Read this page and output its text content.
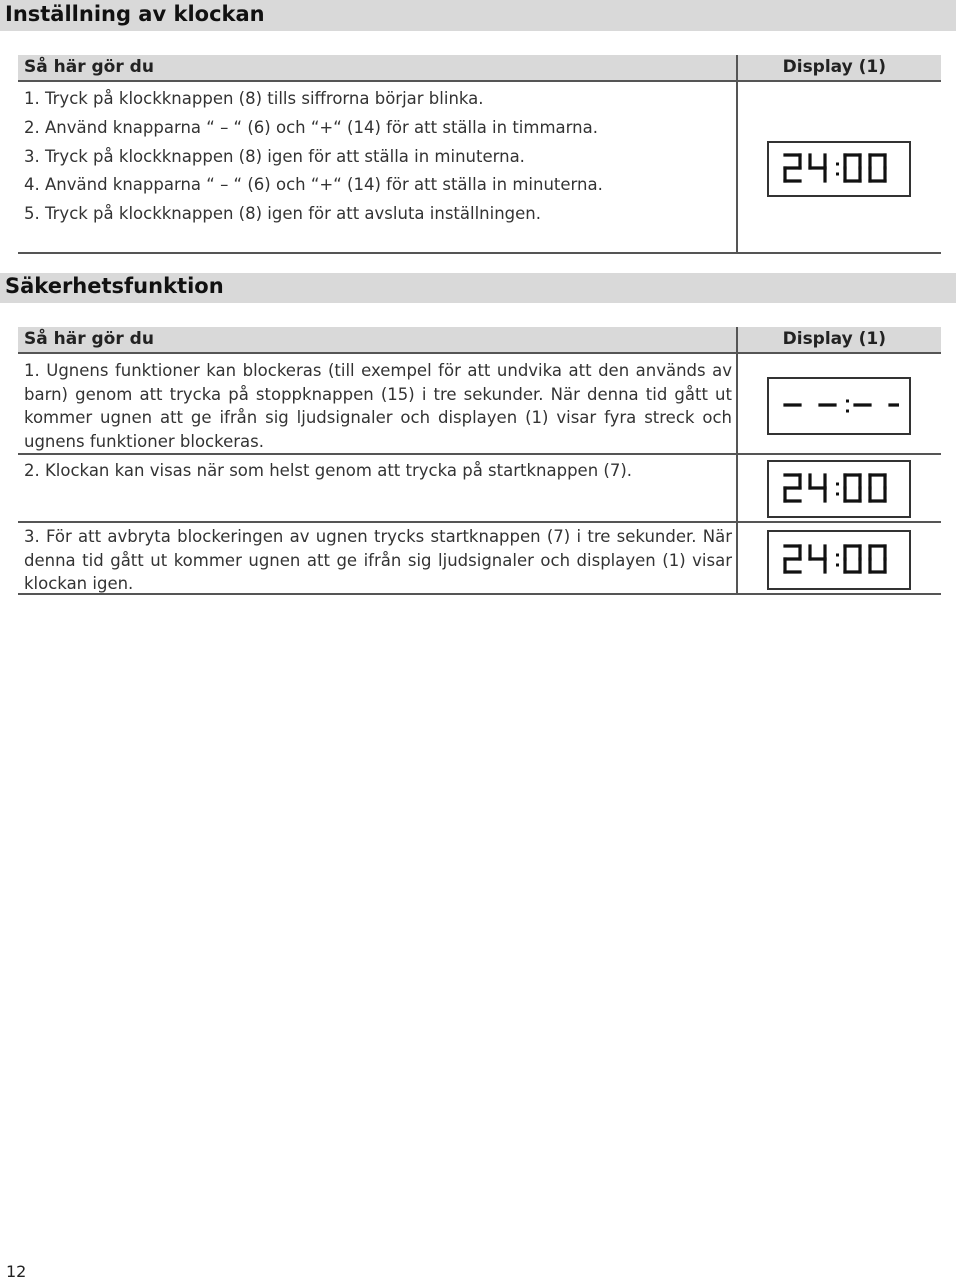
Inställning av klockan
Så här gör du	Display (1)
1. Tryck på klockknappen (8) tills siffrorna börjar blinka.
2. Använd knapparna “ – “ (6) och “+“ (14) för att ställa in timmarna.
3. Tryck på klockknappen (8) igen för att ställa in minuterna.
4. Använd knapparna “ – “ (6) och “+“ (14) för att ställa in minuterna.
5. Tryck på klockknappen (8) igen för att avsluta inställningen.
Säkerhetsfunktion
Så här gör du	Display (1)
1. Ugnens funktioner kan blockeras (till exempel för att undvika att den används av barn) genom att trycka på stoppknappen (15) i tre sekunder. När denna tid gått ut kommer ugnen att ge ifrån sig ljudsignaler och displayen (1) visar fyra streck och ugnens funktioner blockeras.
2. Klockan kan visas när som helst genom att trycka på startknappen (7).
3. För att avbryta blockeringen av ugnen trycks startknappen (7) i tre sekunder. När denna tid gått ut kommer ugnen att ge ifrån sig ljudsignaler och displayen (1) visar klockan igen.
12
